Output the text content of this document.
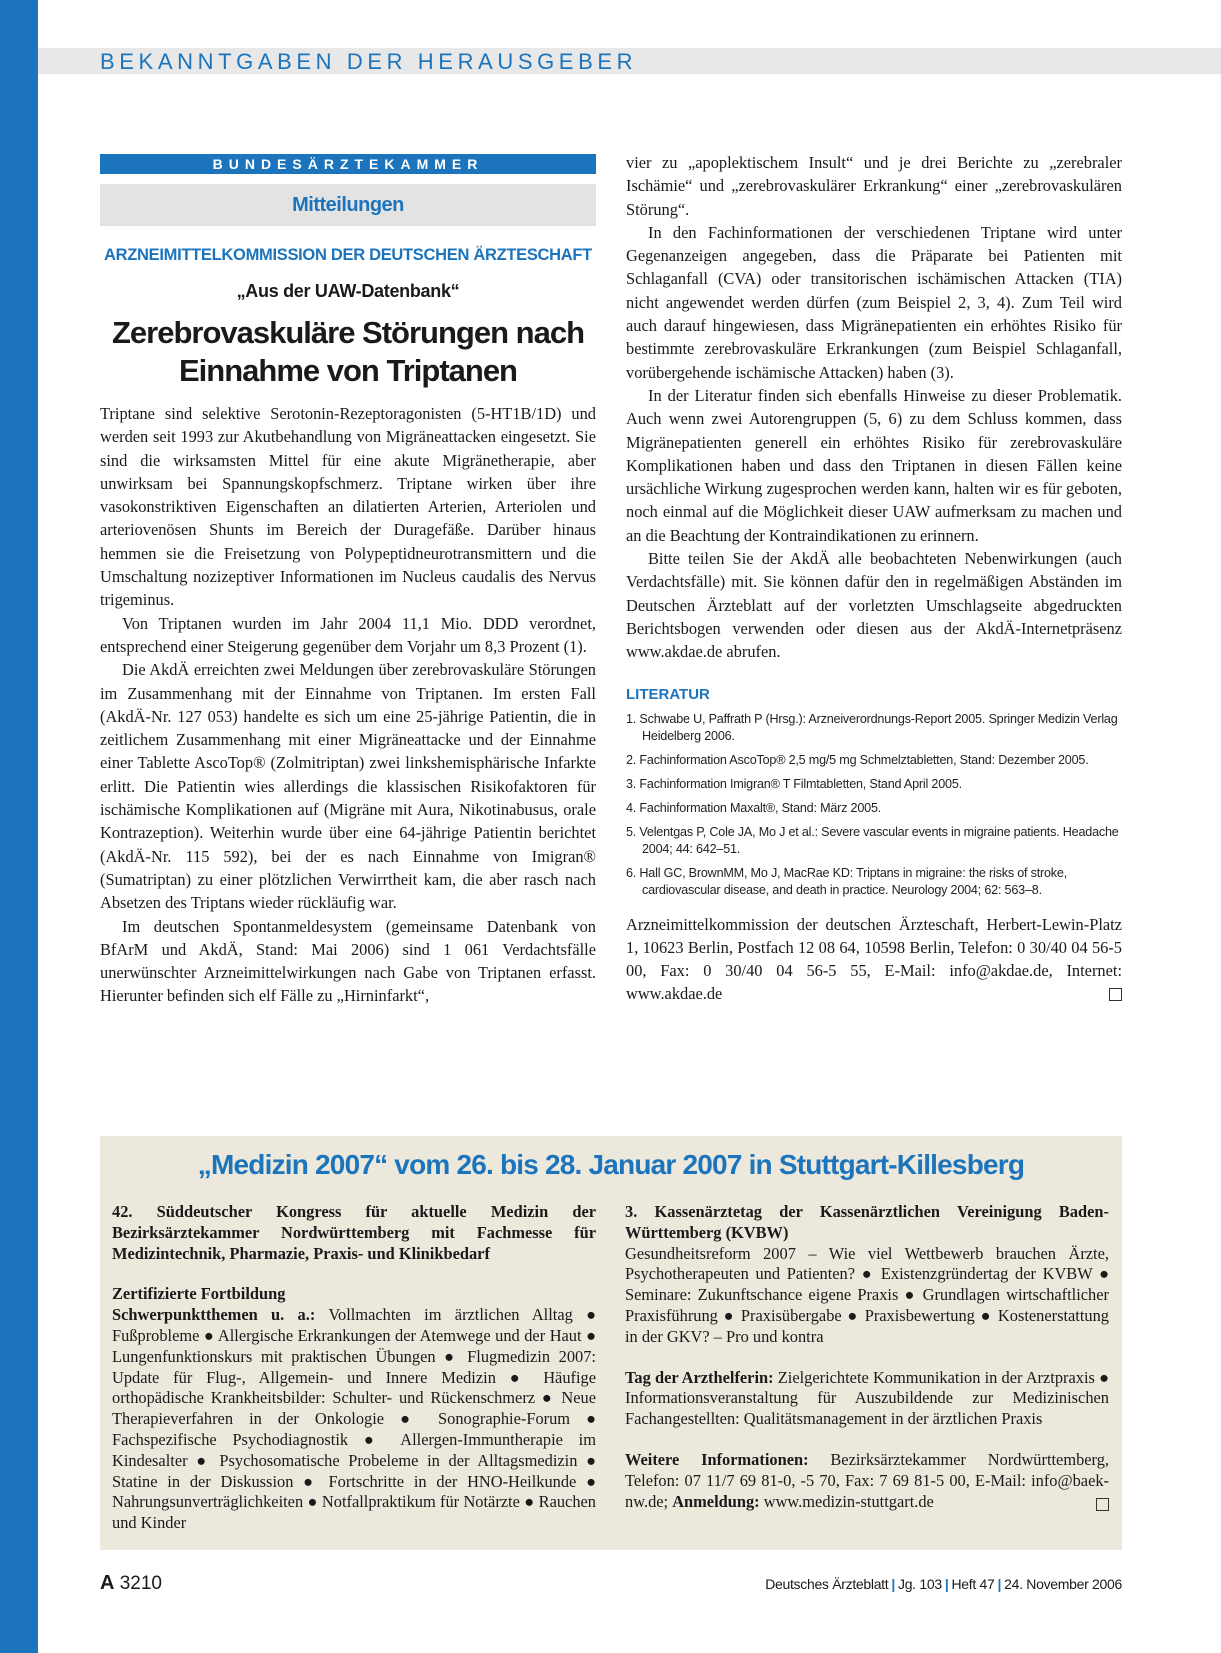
BEKANNTGABEN DER HERAUSGEBER
BUNDESÄRZTEKAMMER
Mitteilungen
ARZNEIMITTELKOMMISSION DER DEUTSCHEN ÄRZTESCHAFT
„Aus der UAW-Datenbank“
Zerebrovaskuläre Störungen nach
Einnahme von Triptanen

Triptane sind selektive Serotonin-Rezeptoragonisten (5-HT1B/1D) und werden seit 1993 zur Akutbehandlung von Migräneattacken eingesetzt. Sie sind die wirksamsten Mittel für eine akute Migränetherapie, aber unwirksam bei Spannungskopfschmerz. Triptane wirken über ihre vasokonstriktiven Eigenschaften an dilatierten Arterien, Arteriolen und arteriovenösen Shunts im Bereich der Duragefäße. Darüber hinaus hemmen sie die Freisetzung von Polypeptidneurotransmittern und die Umschaltung nozizeptiver Informationen im Nucleus caudalis des Nervus trigeminus.

Von Triptanen wurden im Jahr 2004 11,1 Mio. DDD verordnet, entsprechend einer Steigerung gegenüber dem Vorjahr um 8,3 Prozent (1).

Die AkdÄ erreichten zwei Meldungen über zerebrovaskuläre Störungen im Zusammenhang mit der Einnahme von Triptanen. Im ersten Fall (AkdÄ-Nr. 127 053) handelte es sich um eine 25-jährige Patientin, die in zeitlichem Zusammenhang mit einer Migräneattacke und der Einnahme einer Tablette AscoTop® (Zolmitriptan) zwei linkshemisphärische Infarkte erlitt. Die Patientin wies allerdings die klassischen Risikofaktoren für ischämische Komplikationen auf (Migräne mit Aura, Nikotinabusus, orale Kontrazeption). Weiterhin wurde über eine 64-jährige Patientin berichtet (AkdÄ-Nr. 115 592), bei der es nach Einnahme von Imigran® (Sumatriptan) zu einer plötzlichen Verwirrtheit kam, die aber rasch nach Absetzen des Triptans wieder rückläufig war.

Im deutschen Spontanmeldesystem (gemeinsame Datenbank von BfArM und AkdÄ, Stand: Mai 2006) sind 1 061 Verdachtsfälle unerwünschter Arzneimittelwirkungen nach Gabe von Triptanen erfasst. Hierunter befinden sich elf Fälle zu „Hirninfarkt“,

vier zu „apoplektischem Insult“ und je drei Berichte zu „zerebraler Ischämie“ und „zerebrovaskulärer Erkrankung“ einer „zerebrovaskulären Störung“.

In den Fachinformationen der verschiedenen Triptane wird unter Gegenanzeigen angegeben, dass die Präparate bei Patienten mit Schlaganfall (CVA) oder transitorischen ischämischen Attacken (TIA) nicht angewendet werden dürfen (zum Beispiel 2, 3, 4). Zum Teil wird auch darauf hingewiesen, dass Migränepatienten ein erhöhtes Risiko für bestimmte zerebrovaskuläre Erkrankungen (zum Beispiel Schlaganfall, vorübergehende ischämische Attacken) haben (3).

In der Literatur finden sich ebenfalls Hinweise zu dieser Problematik. Auch wenn zwei Autorengruppen (5, 6) zu dem Schluss kommen, dass Migränepatienten generell ein erhöhtes Risiko für zerebrovaskuläre Komplikationen haben und dass den Triptanen in diesen Fällen keine ursächliche Wirkung zugesprochen werden kann, halten wir es für geboten, noch einmal auf die Möglichkeit dieser UAW aufmerksam zu machen und an die Beachtung der Kontraindikationen zu erinnern.

Bitte teilen Sie der AkdÄ alle beobachteten Nebenwirkungen (auch Verdachtsfälle) mit. Sie können dafür den in regelmäßigen Abständen im Deutschen Ärzteblatt auf der vorletzten Umschlagseite abgedruckten Berichtsbogen verwenden oder diesen aus der AkdÄ-Internetpräsenz www.akdae.de abrufen.

LITERATUR
1. Schwabe U, Paffrath P (Hrsg.): Arzneiverordnungs-Report 2005. Springer Medizin Verlag Heidelberg 2006.
2. Fachinformation AscoTop® 2,5 mg/5 mg Schmelztabletten, Stand: Dezember 2005.
3. Fachinformation Imigran® T Filmtabletten, Stand April 2005.
4. Fachinformation Maxalt®, Stand: März 2005.
5. Velentgas P, Cole JA, Mo J et al.: Severe vascular events in migraine patients. Headache 2004; 44: 642–51.
6. Hall GC, BrownMM, Mo J, MacRae KD: Triptans in migraine: the risks of stroke, cardiovascular disease, and death in practice. Neurology 2004; 62: 563–8.
Arzneimittelkommission der deutschen Ärzteschaft, Herbert-Lewin-Platz 1, 10623 Berlin, Postfach 12 08 64, 10598 Berlin, Telefon: 0 30/40 04 56-5 00, Fax: 0 30/40 04 56-5 55, E-Mail: info@akdae.de, Internet: www.akdae.de
„Medizin 2007“ vom 26. bis 28. Januar 2007 in Stuttgart-Killesberg

42. Süddeutscher Kongress für aktuelle Medizin der Bezirksärztekammer Nordwürttemberg mit Fachmesse für Medizintechnik, Pharmazie, Praxis- und Klinikbedarf

Zertifizierte Fortbildung
Schwerpunktthemen u. a.: Vollmachten im ärztlichen Alltag ● Fußprobleme ● Allergische Erkrankungen der Atemwege und der Haut ● Lungenfunktionskurs mit praktischen Übungen ● Flugmedizin 2007: Update für Flug-, Allgemein- und Innere Medizin ● Häufige orthopädische Krankheitsbilder: Schulter- und Rückenschmerz ● Neue Therapieverfahren in der Onkologie ● Sonographie-Forum ● Fachspezifische Psychodiagnostik ● Allergen-Immuntherapie im Kindesalter ● Psychosomatische Probeleme in der Alltagsmedizin ● Statine in der Diskussion ● Fortschritte in der HNO-Heilkunde ● Nahrungsunverträglichkeiten ● Notfallpraktikum für Notärzte ● Rauchen und Kinder

3. Kassenärztetag der Kassenärztlichen Vereinigung Baden-Württemberg (KVBW)
Gesundheitsreform 2007 – Wie viel Wettbewerb brauchen Ärzte, Psychotherapeuten und Patienten? ● Existenzgründertag der KVBW ● Seminare: Zukunftschance eigene Praxis ● Grundlagen wirtschaftlicher Praxisführung ● Praxisübergabe ● Praxisbewertung ● Kostenerstattung in der GKV? – Pro und kontra

Tag der Arzthelferin: Zielgerichtete Kommunikation in der Arztpraxis ● Informationsveranstaltung für Auszubildende zur Medizinischen Fachangestellten: Qualitätsmanagement in der ärztlichen Praxis

Weitere Informationen: Bezirksärztekammer Nordwürttemberg, Telefon: 07 11/7 69 81-0, -5 70, Fax: 7 69 81-5 00, E-Mail: info@baek-nw.de; Anmeldung: www.medizin-stuttgart.de

A 3210	Deutsches Ärzteblatt | Jg. 103 | Heft 47 | 24. November 2006
